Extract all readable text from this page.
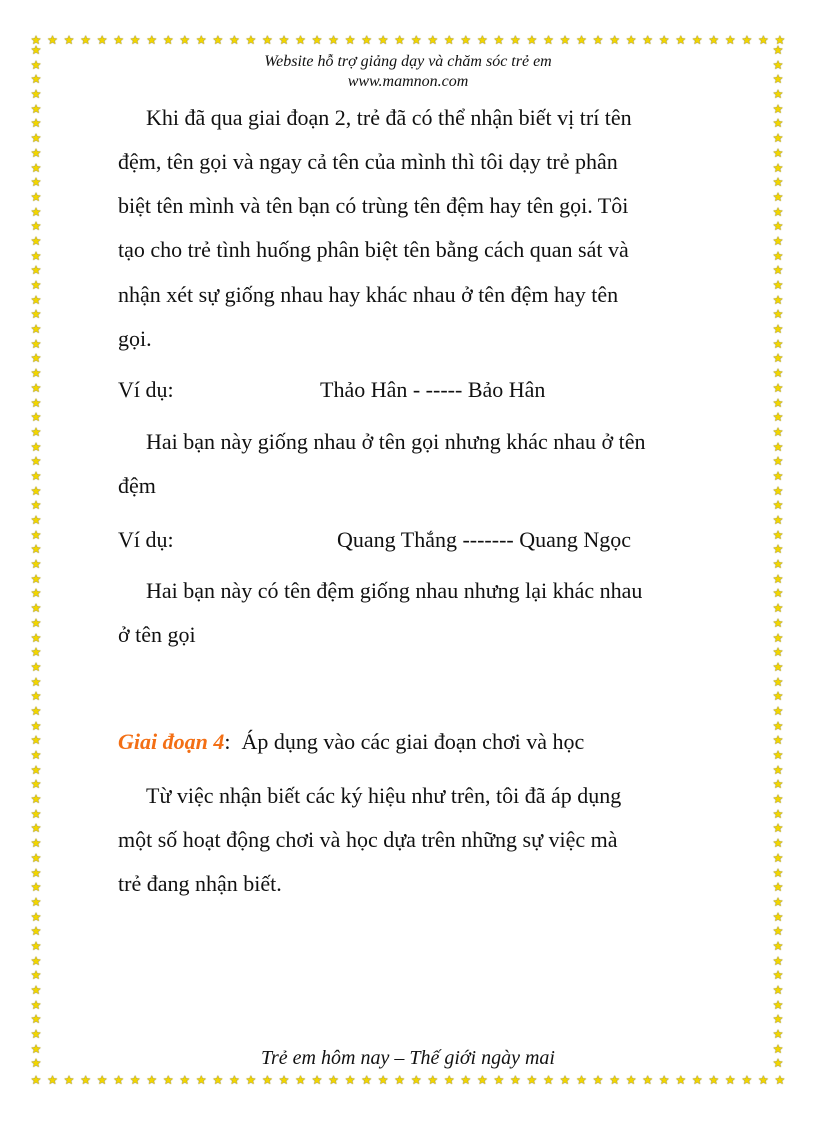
★ ★ ★ ★ ★ ★ ★ ★ ★ ★ ★ ★ ★ ★ ★ ★ ★ ★ ★ ★ ★ ★ ★ ★ ★ ★ ★ ★ ★ ★ ★ ★ ★ ★ ★ ★ ★ ★ ★ ★ ★ ★ ★ ★ ★ ★
★ ★ ★ ★ ★ ★ ★ ★ ★ ★ ★ ★ ★ ★ ★ ★ ★ ★ ★ ★ ★ ★ ★ ★ ★ ★ ★ ★ ★ ★ ★ ★ ★ ★ ★ ★ ★ ★ ★ ★ ★ ★ ★ ★ ★ ★
★
★
★
★
★
★
★
★
★
★
★
★
★
★
★
★
★
★
★
★
★
★
★
★
★
★
★
★
★
★
★
★
★
★
★
★
★
★
★
★
★
★
★
★
★
★
★
★
★
★
★
★
★
★
★
★
★
★
★
★
★
★
★
★
★
★
★
★
★
★
★
★
★
★
★
★
★
★
★
★
★
★
★
★
★
★
★
★
★
★
★
★
★
★
★
★
★
★
★
★
★
★
★
★
★
★
★
★
★
★
★
★
★
★
★
★
★
★
★
★
★
★
★
★
★
★
★
★
★
★
★
★
★
★
★
★
★
★
★
★
Website hỗ trợ giảng dạy và chăm sóc trẻ em
www.mamnon.com
Khi đã qua giai đoạn 2, trẻ đã có thể nhận biết vị trí tên
đệm, tên gọi và ngay cả tên của mình thì tôi dạy trẻ phân
biệt tên mình và tên bạn có trùng tên đệm hay tên gọi. Tôi
tạo cho trẻ tình huống phân biệt tên bằng cách quan sát và
nhận xét sự giống nhau hay khác nhau ở tên đệm hay tên
gọi.
Ví dụ:	Thảo Hân - ----- Bảo Hân
Hai bạn này giống nhau ở tên gọi nhưng khác nhau ở tên
đệm
Ví dụ:	Quang Thắng ------- Quang Ngọc
Hai bạn này có tên đệm giống nhau nhưng lại khác nhau
ở tên gọi
Giai đoạn 4: Áp dụng vào các giai đoạn chơi và học
Từ việc nhận biết các ký hiệu như trên, tôi đã áp dụng
một số hoạt động chơi và học dựa trên những sự việc mà
trẻ đang nhận biết.
Trẻ em hôm nay – Thế giới ngày mai
